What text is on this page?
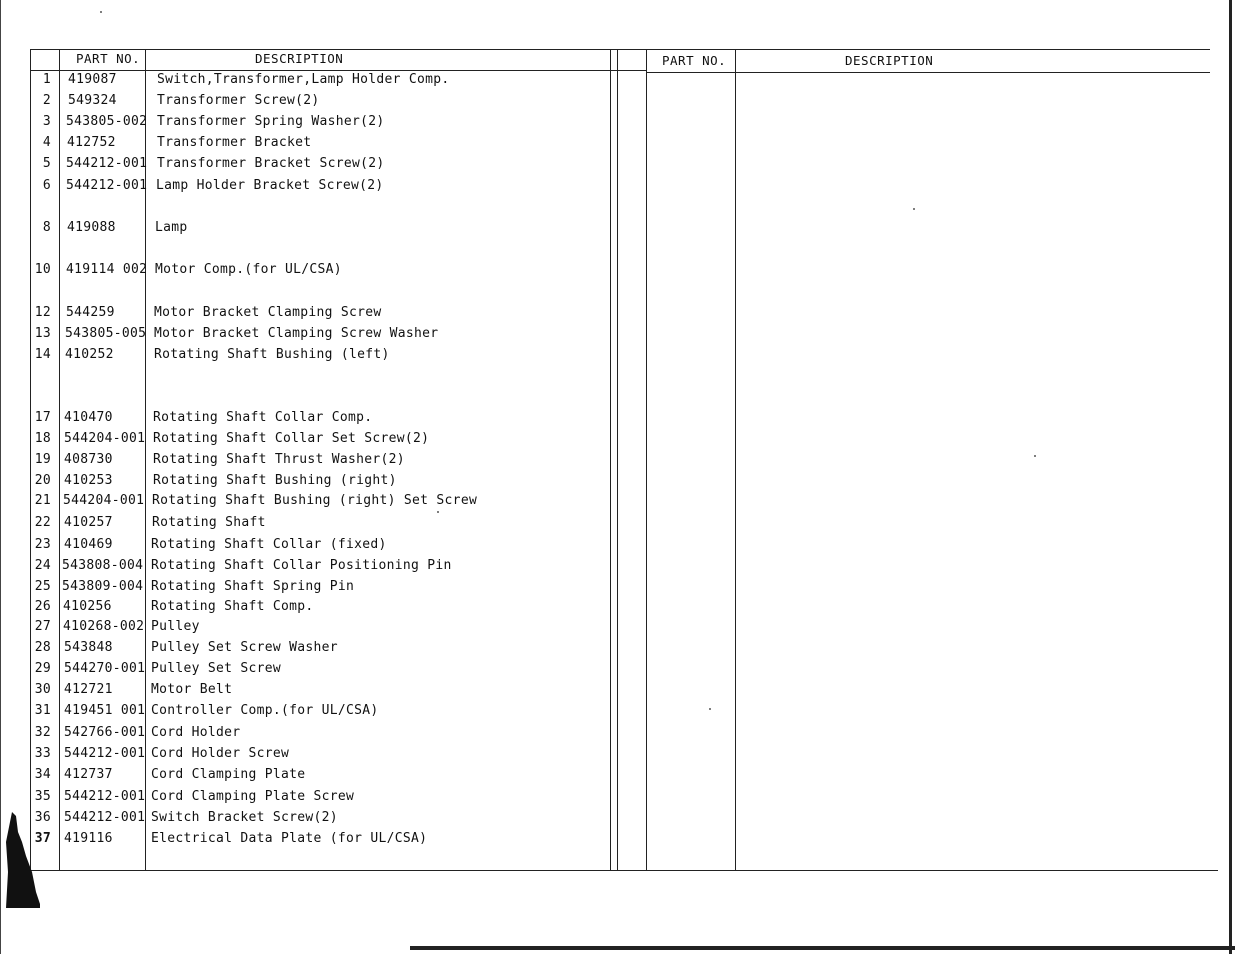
PART NO.	DESCRIPTION	PART NO.	DESCRIPTION
1 419087	Switch,Transformer,Lamp Holder Comp.
2 549324	Transformer Screw(2)
3 543805-002 Transformer Spring Washer(2)
4 412752	Transformer Bracket
5 544212-001 Transformer Bracket Screw(2)
6 544212-001 Lamp Holder Bracket Screw(2)
8 419088	Lamp
10 419114 002 Motor Comp.(for UL/CSA)
12 544259	Motor Bracket Clamping Screw
13 543805-005 Motor Bracket Clamping Screw Washer
14 410252	Rotating Shaft Bushing (left)
17 410470	Rotating Shaft Collar Comp.
18 544204-001 Rotating Shaft Collar Set Screw(2)
19 408730	Rotating Shaft Thrust Washer(2)
20 410253	Rotating Shaft Bushing (right)
21 544204-001 Rotating Shaft Bushing (right) Set Screw
22 410257	Rotating Shaft
23 410469	Rotating Shaft Collar (fixed)
24 543808-004 Rotating Shaft Collar Positioning Pin
25 543809-004 Rotating Shaft Spring Pin
26 410256	Rotating Shaft Comp.
27 410268-002 Pulley
28 543848	Pulley Set Screw Washer
29 544270-001 Pulley Set Screw
30 412721	Motor Belt
31 419451 001 Controller Comp.(for UL/CSA)
32 542766-001 Cord Holder
33 544212-001 Cord Holder Screw
34 412737	Cord Clamping Plate
35 544212-001 Cord Clamping Plate Screw
36 544212-001 Switch Bracket Screw(2)
37 419116	Electrical Data Plate (for UL/CSA)
